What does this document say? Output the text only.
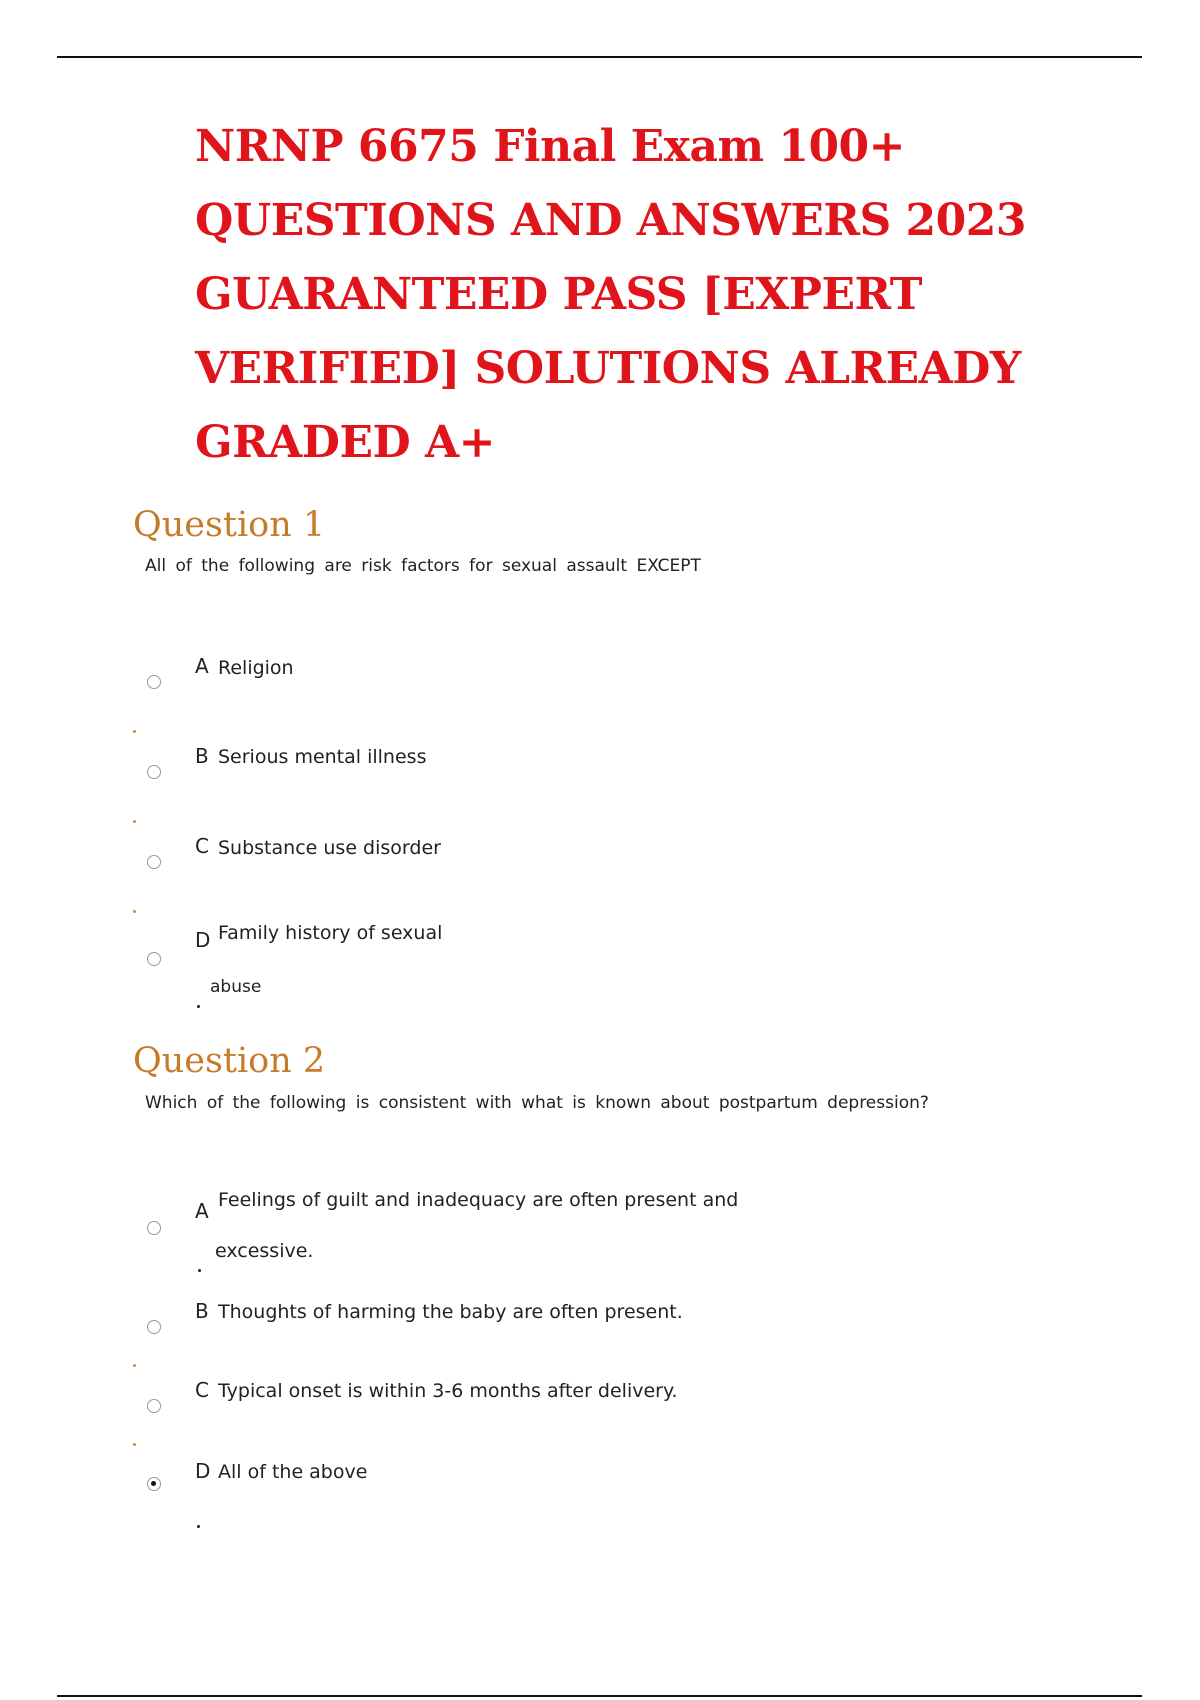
NRNP 6675 Final Exam 100+
QUESTIONS AND ANSWERS 2023
GUARANTEED PASS [EXPERT
VERIFIED] SOLUTIONS ALREADY
GRADED A+
Question 1

All of the following are risk factors for sexual assault EXCEPT

A Religion
B Serious mental illness
C Substance use disorder
D Family history of sexual
abuse
Question 2

Which of the following is consistent with what is known about postpartum depression?

A Feelings of guilt and inadequacy are often present and
excessive.
B Thoughts of harming the baby are often present.
C Typical onset is within 3-6 months after delivery.
D All of the above
